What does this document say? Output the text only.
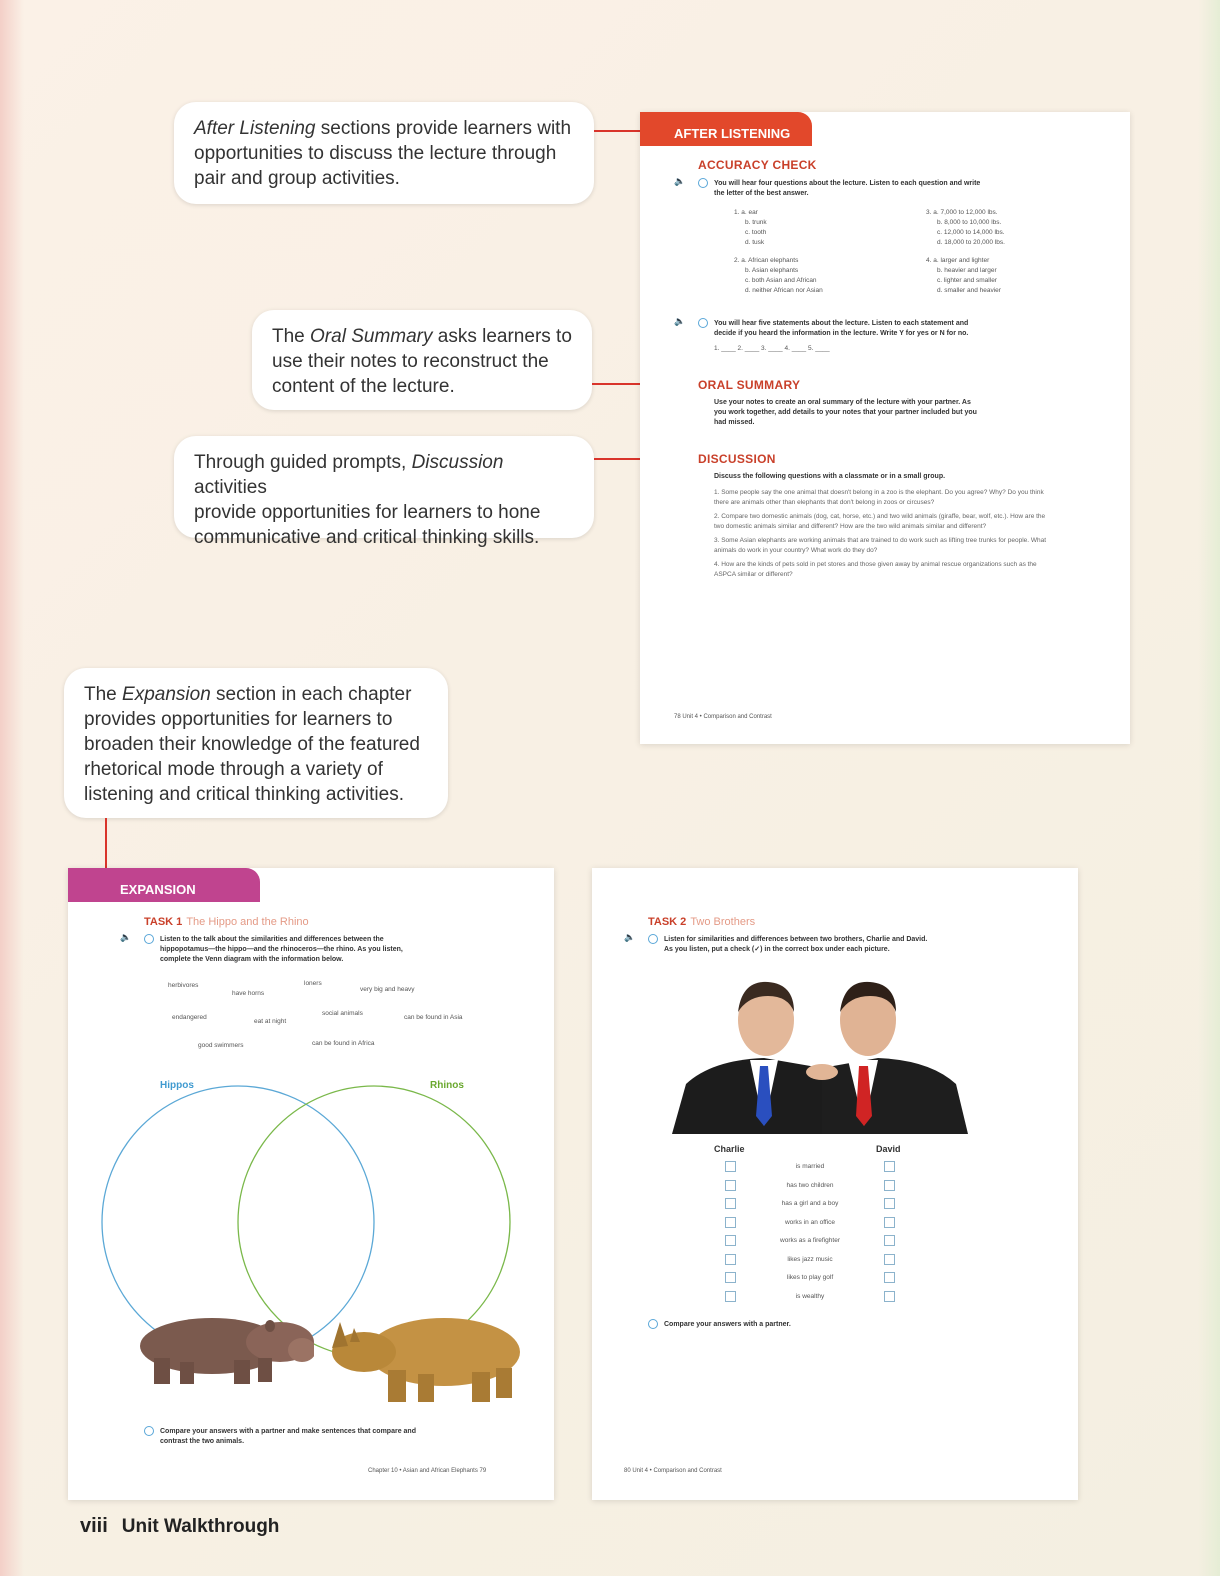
After Listening sections provide learners with
opportunities to discuss the lecture through
pair and group activities.
The Oral Summary asks learners to
use their notes to reconstruct the
content of the lecture.
Through guided prompts, Discussion activities
provide opportunities for learners to hone
communicative and critical thinking skills.
The Expansion section in each chapter
provides opportunities for learners to
broaden their knowledge of the featured
rhetorical mode through a variety of
listening and critical thinking activities.
AFTER LISTENING
ACCURACY CHECK
🔈	You will hear four questions about the lecture. Listen to each question and write
the letter of the best answer.
1. a. ear
b. trunk
c. tooth
d. tusk
2. a. African elephants
b. Asian elephants
c. both Asian and African
d. neither African nor Asian
3. a. 7,000 to 12,000 lbs.
b. 8,000 to 10,000 lbs.
c. 12,000 to 14,000 lbs.
d. 18,000 to 20,000 lbs.
4. a. larger and lighter
b. heavier and larger
c. lighter and smaller
d. smaller and heavier
🔈	You will hear five statements about the lecture. Listen to each statement and
decide if you heard the information in the lecture. Write Y for yes or N for no.
1. ____ 2. ____ 3. ____ 4. ____ 5. ____
ORAL SUMMARY
Use your notes to create an oral summary of the lecture with your partner. As
you work together, add details to your notes that your partner included but you
had missed.
DISCUSSION
Discuss the following questions with a classmate or in a small group.
1. Some people say the one animal that doesn't belong in a zoo is the elephant. Do you agree? Why? Do you think there are animals other than elephants that don't belong in zoos or circuses?
2. Compare two domestic animals (dog, cat, horse, etc.) and two wild animals (giraffe, bear, wolf, etc.). How are the two domestic animals similar and different? How are the two wild animals similar and different?
3. Some Asian elephants are working animals that are trained to do work such as lifting tree trunks for people. What animals do work in your country? What work do they do?
4. How are the kinds of pets sold in pet stores and those given away by animal rescue organizations such as the ASPCA similar or different?
78 Unit 4 • Comparison and Contrast
EXPANSION
TASK 1 The Hippo and the Rhino
🔈	Listen to the talk about the similarities and differences between the
hippopotamus—the hippo—and the rhinoceros—the rhino. As you listen,
complete the Venn diagram with the information below.
herbivores
have horns
loners
very big and heavy
endangered
eat at night
social animals
can be found in Asia
good swimmers	can be found in Africa
Hippos	Rhinos
Compare your answers with a partner and make sentences that compare and
contrast the two animals.
Chapter 10 • Asian and African Elephants 79
TASK 2 Two Brothers
🔈	Listen for similarities and differences between two brothers, Charlie and David.
As you listen, put a check (✓) in the correct box under each picture.
Charlie	David
is married
has two children
has a girl and a boy
works in an office
works as a firefighter
likes jazz music
likes to play golf
is wealthy
Compare your answers with a partner.
80 Unit 4 • Comparison and Contrast
viii Unit Walkthrough
